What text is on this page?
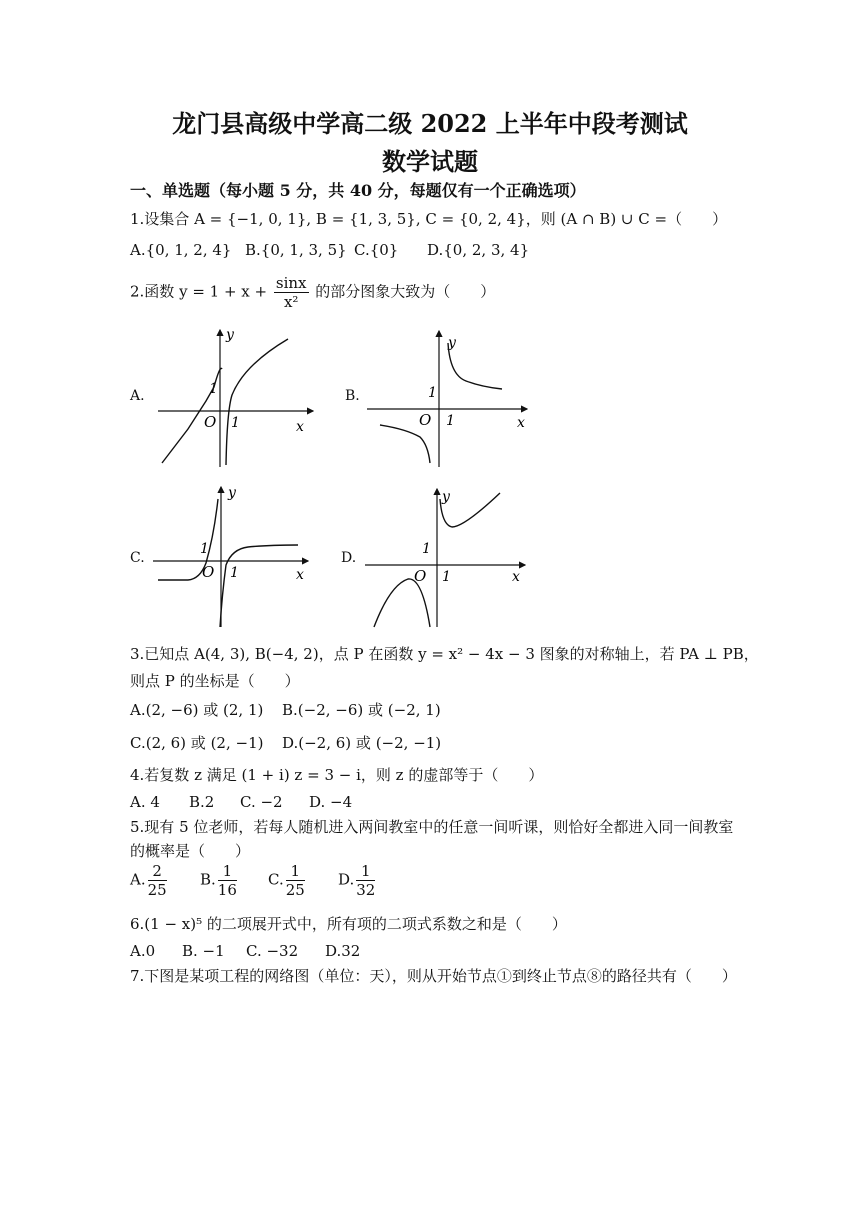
龙门县高级中学高二级 2022 上半年中段考测试
数学试题
一、单选题（每小题 5 分，共 40 分，每题仅有一个正确选项）
1.设集合 A = {−1, 0, 1}, B = {1, 3, 5}, C = {0, 2, 4}，则 (A ∩ B) ∪ C =（　　）
A.{0, 1, 2, 4} B.{0, 1, 3, 5} C.{0} D.{0, 2, 3, 4}
2.函数 $y = 1 + x + \frac{\sin x}{\text{x²}}$ 的部分图象大致为（　　）
A.
y
x
O 1
1	B.
y
x
O 1
1
C.
y
x
O 1
1
D.
y
x
O 1
1
3.已知点 A(4, 3), B(−4, 2)，点 P 在函数 y = x² − 4x − 3 图象的对称轴上，若 PA ⊥ PB，
则点 P 的坐标是（　　）
A.(2, −6) 或 (2, 1) B.(−2, −6) 或 (−2, 1)
C.(2, 6) 或 (2, −1) D.(−2, 6) 或 (−2, −1)
4.若复数 z 满足 (1 + i) z = 3 − i，则 z 的虚部等于（　　）
A. 4 B.2 C. −2 D. −4
5.现有 5 位老师，若每人随机进入两间教室中的任意一间听课，则恰好全都进入同一间教室
的概率是（　　）
A. $\frac{2}{25} B$. $\frac{1}{16} C$. $\frac{1}{25} D$. $\frac{1}{32}$
6.(1 − x)⁵ 的二项展开式中，所有项的二项式系数之和是（　　）
A.0 B. −1 C. −32 D.32
7.下图是某项工程的网络图（单位：天），则从开始节点①到终止节点⑧的路径共有（　　）
